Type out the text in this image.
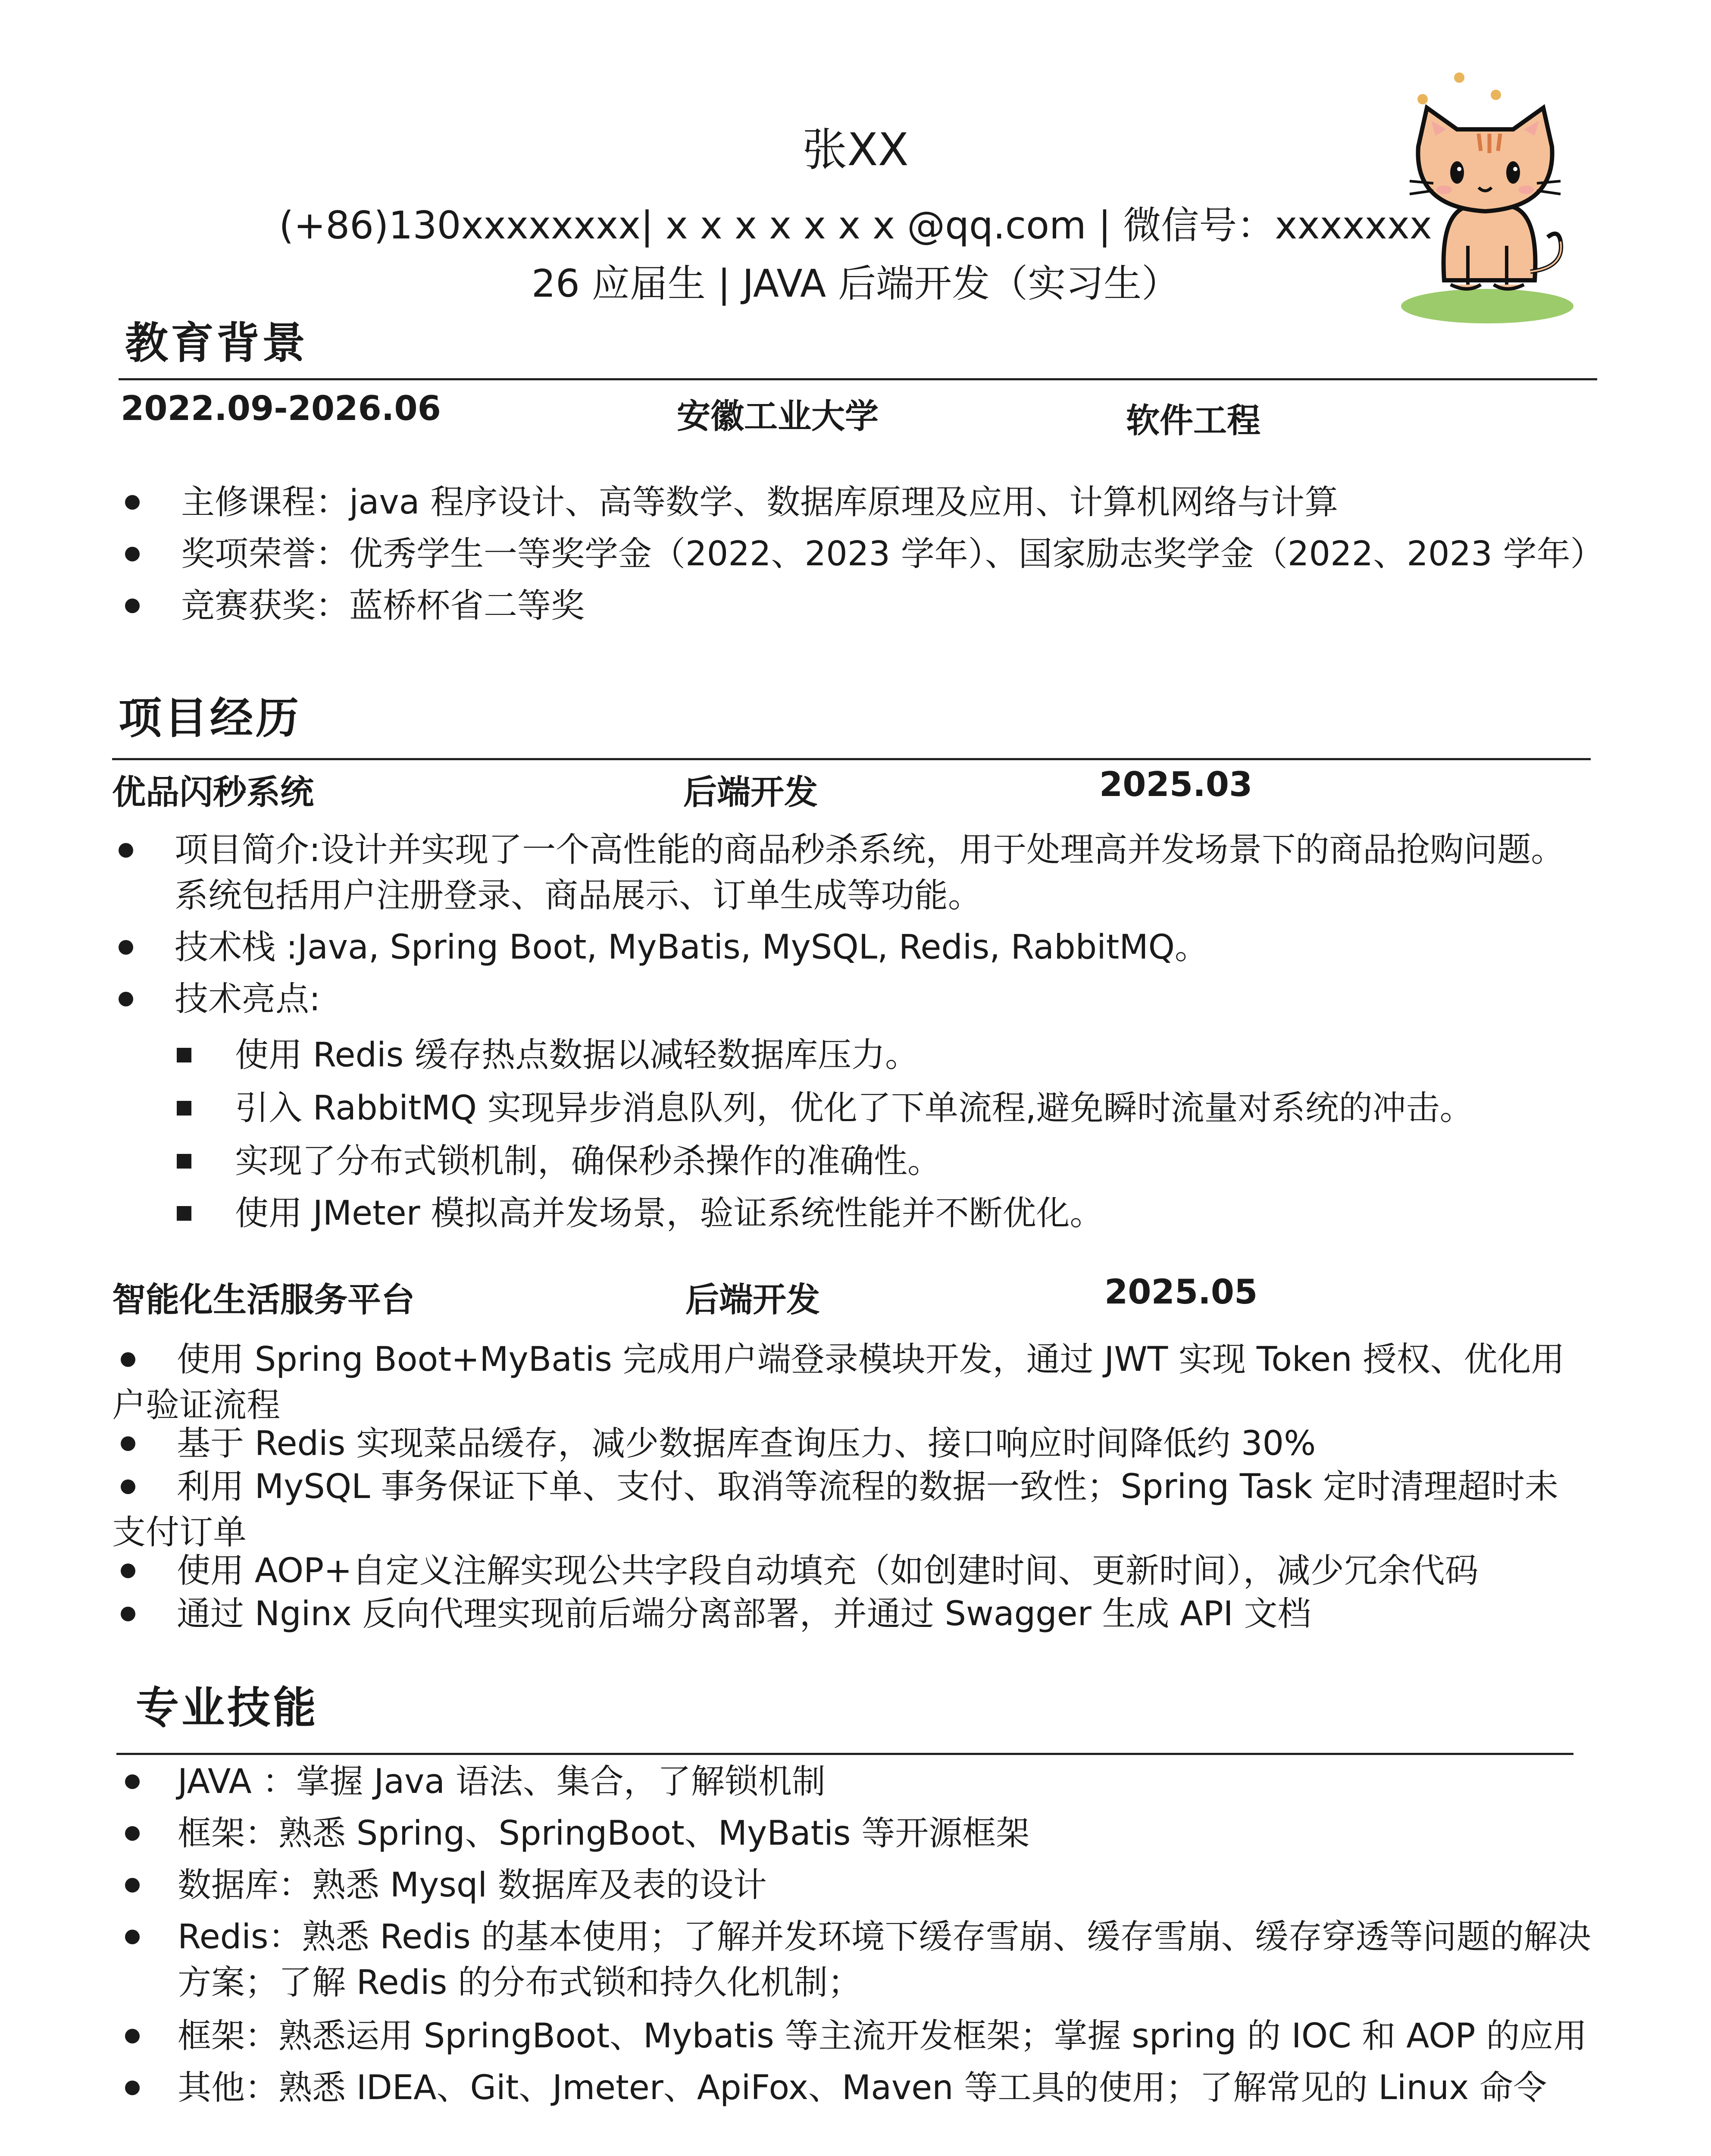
张XX
(+86)130xxxxxxxx| x x x x x x x @qq.com | 微信号：xxxxxxx
26 应届生 | JAVA 后端开发（实习生）
教育背景
2022.09-2026.06	安徽工业大学	软件工程
主修课程：java 程序设计、高等数学、数据库原理及应用、计算机网络与计算
奖项荣誉：优秀学生一等奖学金（2022、2023 学年）、国家励志奖学金（2022、2023 学年）
竞赛获奖：蓝桥杯省二等奖
项目经历
优品闪秒系统	后端开发	2025.03
项目简介:设计并实现了一个高性能的商品秒杀系统，用于处理高并发场景下的商品抢购问题。系统包括用户注册登录、商品展示、订单生成等功能。
技术栈 :Java, Spring Boot, MyBatis, MySQL, Redis, RabbitMQ。
技术亮点:
使用 Redis 缓存热点数据以减轻数据库压力。
引入 RabbitMQ 实现异步消息队列，优化了下单流程,避免瞬时流量对系统的冲击。
实现了分布式锁机制，确保秒杀操作的准确性。
使用 JMeter 模拟高并发场景，验证系统性能并不断优化。
智能化生活服务平台	后端开发	2025.05
使用 Spring Boot+MyBatis 完成用户端登录模块开发，通过 JWT 实现 Token 授权、优化用户验证流程
基于 Redis 实现菜品缓存，减少数据库查询压力、接口响应时间降低约 30%
利用 MySQL 事务保证下单、支付、取消等流程的数据一致性；Spring Task 定时清理超时未支付订单
使用 AOP+自定义注解实现公共字段自动填充（如创建时间、更新时间），减少冗余代码
通过 Nginx 反向代理实现前后端分离部署，并通过 Swagger 生成 API 文档
专业技能
JAVA ：掌握 Java 语法、集合，了解锁机制
框架：熟悉 Spring、SpringBoot、MyBatis 等开源框架
数据库：熟悉 Mysql 数据库及表的设计
Redis：熟悉 Redis 的基本使用；了解并发环境下缓存雪崩、缓存雪崩、缓存穿透等问题的解决方案；了解 Redis 的分布式锁和持久化机制；
框架：熟悉运用 SpringBoot、Mybatis 等主流开发框架；掌握 spring 的 IOC 和 AOP 的应用
其他：熟悉 IDEA、Git、Jmeter、ApiFox、Maven 等工具的使用；了解常见的 Linux 命令
